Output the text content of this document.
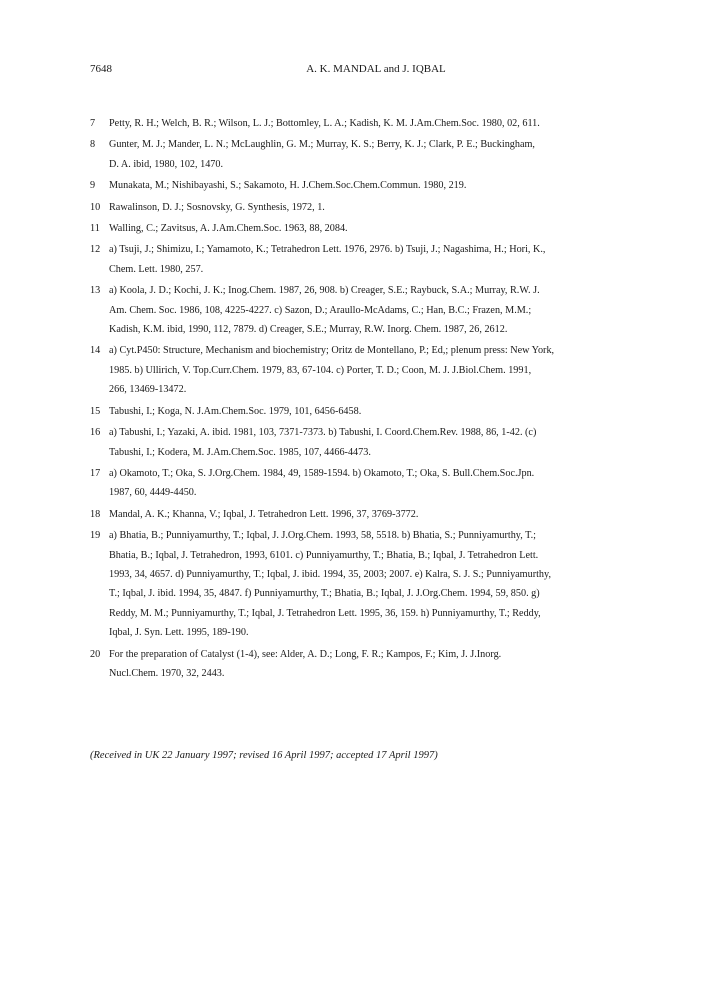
7648	A. K. MANDAL and J. IQBAL
7 Petty, R. H.; Welch, B. R.; Wilson, L. J.; Bottomley, L. A.; Kadish, K. M. J.Am.Chem.Soc. 1980, 02, 611.
8 Gunter, M. J.; Mander, L. N.; McLaughlin, G. M.; Murray, K. S.; Berry, K. J.; Clark, P. E.; Buckingham,
D. A. ibid, 1980, 102, 1470.
9 Munakata, M.; Nishibayashi, S.; Sakamoto, H. J.Chem.Soc.Chem.Commun. 1980, 219.
10 Rawalinson, D. J.; Sosnovsky, G. Synthesis, 1972, 1.
11 Walling, C.; Zavitsus, A. J.Am.Chem.Soc. 1963, 88, 2084.
12 a) Tsuji, J.; Shimizu, I.; Yamamoto, K.; Tetrahedron Lett. 1976, 2976. b) Tsuji, J.; Nagashima, H.; Hori, K.,
Chem. Lett. 1980, 257.
13 a) Koola, J. D.; Kochi, J. K.; Inog.Chem. 1987, 26, 908. b) Creager, S.E.; Raybuck, S.A.; Murray, R.W. J.
Am. Chem. Soc. 1986, 108, 4225-4227. c) Sazon, D.; Araullo-McAdams, C.; Han, B.C.; Frazen, M.M.;
Kadish, K.M. ibid, 1990, 112, 7879. d) Creager, S.E.; Murray, R.W. Inorg. Chem. 1987, 26, 2612.
14 a) Cyt.P450: Structure, Mechanism and biochemistry; Oritz de Montellano, P.; Ed,; plenum press: New York,
1985. b) Ullirich, V. Top.Curr.Chem. 1979, 83, 67-104. c) Porter, T. D.; Coon, M. J. J.Biol.Chem. 1991,
266, 13469-13472.
15 Tabushi, I.; Koga, N. J.Am.Chem.Soc. 1979, 101, 6456-6458.
16 a) Tabushi, I.; Yazaki, A. ibid. 1981, 103, 7371-7373. b) Tabushi, I. Coord.Chem.Rev. 1988, 86, 1-42. (c)
Tabushi, I.; Kodera, M. J.Am.Chem.Soc. 1985, 107, 4466-4473.
17 a) Okamoto, T.; Oka, S. J.Org.Chem. 1984, 49, 1589-1594. b) Okamoto, T.; Oka, S. Bull.Chem.Soc.Jpn.
1987, 60, 4449-4450.
18 Mandal, A. K.; Khanna, V.; Iqbal, J. Tetrahedron Lett. 1996, 37, 3769-3772.
19 a) Bhatia, B.; Punniyamurthy, T.; Iqbal, J. J.Org.Chem. 1993, 58, 5518. b) Bhatia, S.; Punniyamurthy, T.;
Bhatia, B.; Iqbal, J. Tetrahedron, 1993, 6101. c) Punniyamurthy, T.; Bhatia, B.; Iqbal, J. Tetrahedron Lett.
1993, 34, 4657. d) Punniyamurthy, T.; Iqbal, J. ibid. 1994, 35, 2003; 2007. e) Kalra, S. J. S.; Punniyamurthy,
T.; Iqbal, J. ibid. 1994, 35, 4847. f) Punniyamurthy, T.; Bhatia, B.; Iqbal, J. J.Org.Chem. 1994, 59, 850. g)
Reddy, M. M.; Punniyamurthy, T.; Iqbal, J. Tetrahedron Lett. 1995, 36, 159. h) Punniyamurthy, T.; Reddy,
Iqbal, J. Syn. Lett. 1995, 189-190.
20 For the preparation of Catalyst (1-4), see: Alder, A. D.; Long, F. R.; Kampos, F.; Kim, J. J.Inorg.
Nucl.Chem. 1970, 32, 2443.
(Received in UK 22 January 1997; revised 16 April 1997; accepted 17 April 1997)
